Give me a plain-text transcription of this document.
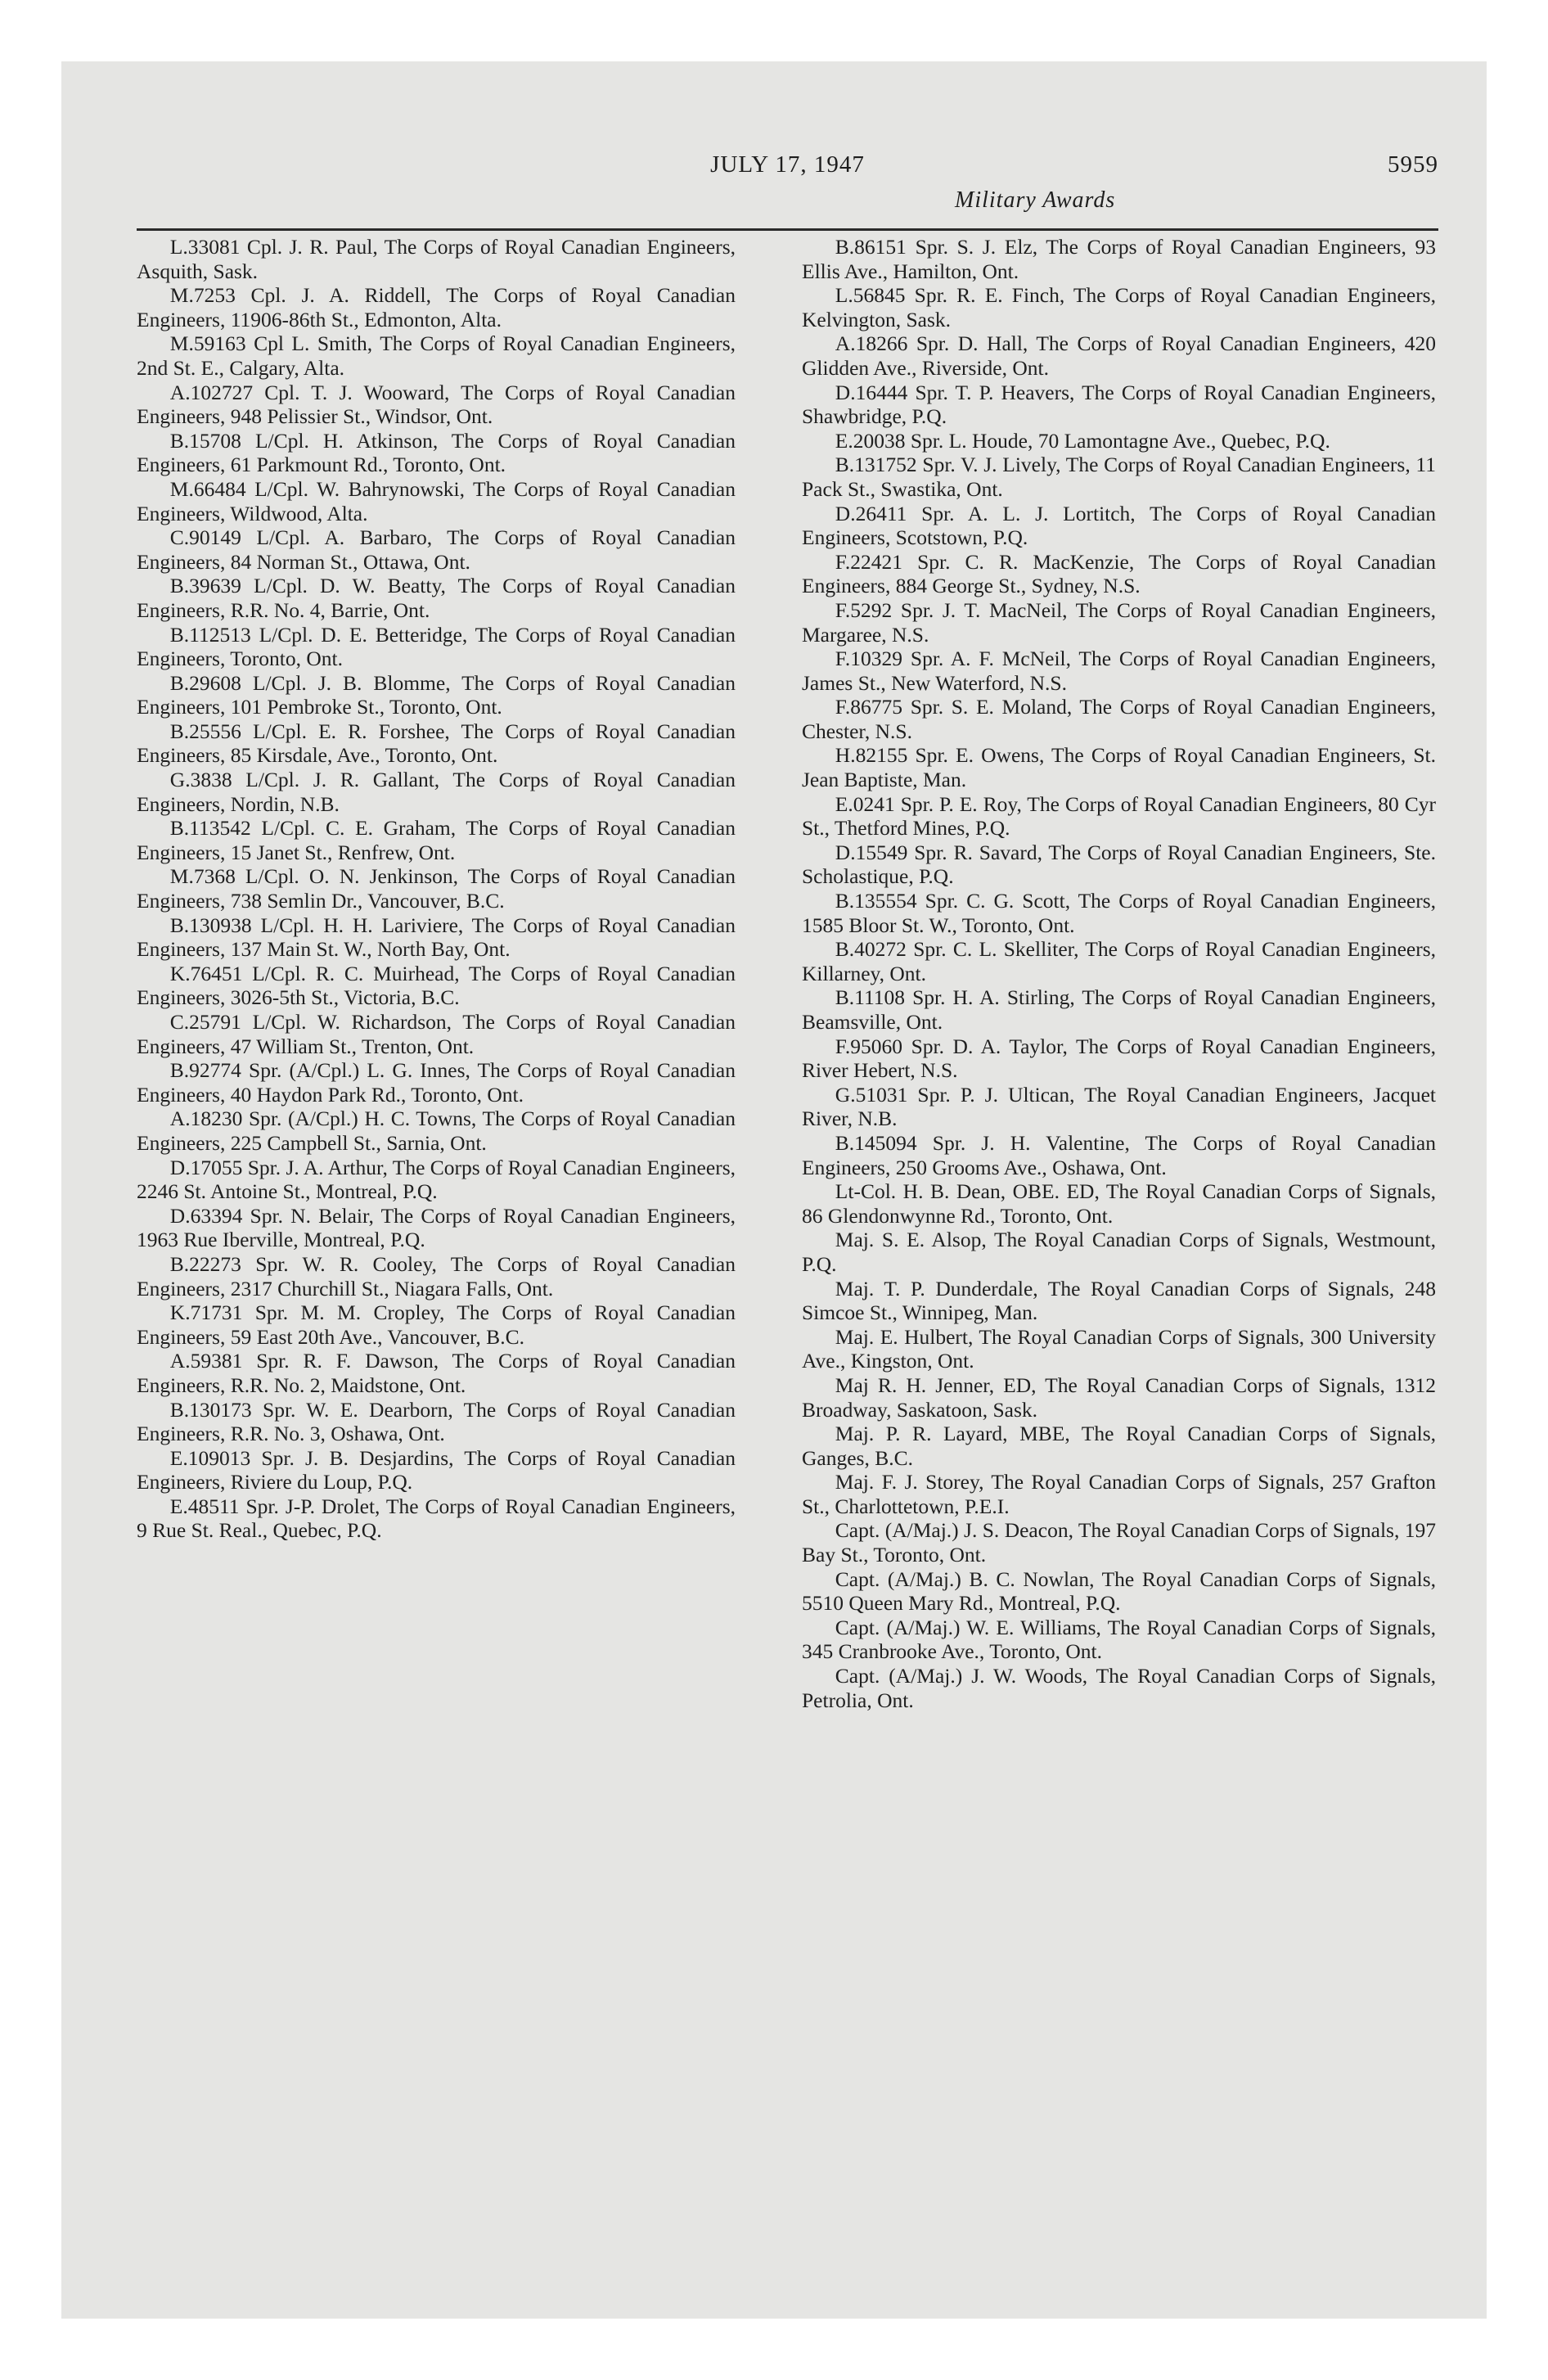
JULY 17, 1947	5959
Military Awards

L.33081 Cpl. J. R. Paul, The Corps of Royal Canadian Engineers, Asquith, Sask.

M.7253 Cpl. J. A. Riddell, The Corps of Royal Canadian Engineers, 11906-86th St., Edmonton, Alta.

M.59163 Cpl L. Smith, The Corps of Royal Canadian Engineers, 2nd St. E., Calgary, Alta.

A.102727 Cpl. T. J. Wooward, The Corps of Royal Canadian Engineers, 948 Pelissier St., Windsor, Ont.

B.15708 L/Cpl. H. Atkinson, The Corps of Royal Canadian Engineers, 61 Parkmount Rd., Toronto, Ont.

M.66484 L/Cpl. W. Bahrynowski, The Corps of Royal Canadian Engineers, Wildwood, Alta.

C.90149 L/Cpl. A. Barbaro, The Corps of Royal Canadian Engineers, 84 Norman St., Ottawa, Ont.

B.39639 L/Cpl. D. W. Beatty, The Corps of Royal Canadian Engineers, R.R. No. 4, Barrie, Ont.

B.112513 L/Cpl. D. E. Betteridge, The Corps of Royal Canadian Engineers, Toronto, Ont.

B.29608 L/Cpl. J. B. Blomme, The Corps of Royal Canadian Engineers, 101 Pembroke St., Toronto, Ont.

B.25556 L/Cpl. E. R. Forshee, The Corps of Royal Canadian Engineers, 85 Kirsdale, Ave., Toronto, Ont.

G.3838 L/Cpl. J. R. Gallant, The Corps of Royal Canadian Engineers, Nordin, N.B.

B.113542 L/Cpl. C. E. Graham, The Corps of Royal Canadian Engineers, 15 Janet St., Renfrew, Ont.

M.7368 L/Cpl. O. N. Jenkinson, The Corps of Royal Canadian Engineers, 738 Semlin Dr., Vancouver, B.C.

B.130938 L/Cpl. H. H. Lariviere, The Corps of Royal Canadian Engineers, 137 Main St. W., North Bay, Ont.

K.76451 L/Cpl. R. C. Muirhead, The Corps of Royal Canadian Engineers, 3026-5th St., Victoria, B.C.

C.25791 L/Cpl. W. Richardson, The Corps of Royal Canadian Engineers, 47 William St., Trenton, Ont.

B.92774 Spr. (A/Cpl.) L. G. Innes, The Corps of Royal Canadian Engineers, 40 Haydon Park Rd., Toronto, Ont.

A.18230 Spr. (A/Cpl.) H. C. Towns, The Corps of Royal Canadian Engineers, 225 Campbell St., Sarnia, Ont.

D.17055 Spr. J. A. Arthur, The Corps of Royal Canadian Engineers, 2246 St. Antoine St., Montreal, P.Q.

D.63394 Spr. N. Belair, The Corps of Royal Canadian Engineers, 1963 Rue Iberville, Montreal, P.Q.

B.22273 Spr. W. R. Cooley, The Corps of Royal Canadian Engineers, 2317 Churchill St., Niagara Falls, Ont.

K.71731 Spr. M. M. Cropley, The Corps of Royal Canadian Engineers, 59 East 20th Ave., Vancouver, B.C.

A.59381 Spr. R. F. Dawson, The Corps of Royal Canadian Engineers, R.R. No. 2, Maidstone, Ont.

B.130173 Spr. W. E. Dearborn, The Corps of Royal Canadian Engineers, R.R. No. 3, Oshawa, Ont.

E.109013 Spr. J. B. Desjardins, The Corps of Royal Canadian Engineers, Riviere du Loup, P.Q.

E.48511 Spr. J-P. Drolet, The Corps of Royal Canadian Engineers, 9 Rue St. Real., Quebec, P.Q.

B.86151 Spr. S. J. Elz, The Corps of Royal Canadian Engineers, 93 Ellis Ave., Hamilton, Ont.

L.56845 Spr. R. E. Finch, The Corps of Royal Canadian Engineers, Kelvington, Sask.

A.18266 Spr. D. Hall, The Corps of Royal Canadian Engineers, 420 Glidden Ave., Riverside, Ont.

D.16444 Spr. T. P. Heavers, The Corps of Royal Canadian Engineers, Shawbridge, P.Q.

E.20038 Spr. L. Houde, 70 Lamontagne Ave., Quebec, P.Q.

B.131752 Spr. V. J. Lively, The Corps of Royal Canadian Engineers, 11 Pack St., Swastika, Ont.

D.26411 Spr. A. L. J. Lortitch, The Corps of Royal Canadian Engineers, Scotstown, P.Q.

F.22421 Spr. C. R. MacKenzie, The Corps of Royal Canadian Engineers, 884 George St., Sydney, N.S.

F.5292 Spr. J. T. MacNeil, The Corps of Royal Canadian Engineers, Margaree, N.S.

F.10329 Spr. A. F. McNeil, The Corps of Royal Canadian Engineers, James St., New Waterford, N.S.

F.86775 Spr. S. E. Moland, The Corps of Royal Canadian Engineers, Chester, N.S.

H.82155 Spr. E. Owens, The Corps of Royal Canadian Engineers, St. Jean Baptiste, Man.

E.0241 Spr. P. E. Roy, The Corps of Royal Canadian Engineers, 80 Cyr St., Thetford Mines, P.Q.

D.15549 Spr. R. Savard, The Corps of Royal Canadian Engineers, Ste. Scholastique, P.Q.

B.135554 Spr. C. G. Scott, The Corps of Royal Canadian Engineers, 1585 Bloor St. W., Toronto, Ont.

B.40272 Spr. C. L. Skelliter, The Corps of Royal Canadian Engineers, Killarney, Ont.

B.11108 Spr. H. A. Stirling, The Corps of Royal Canadian Engineers, Beamsville, Ont.

F.95060 Spr. D. A. Taylor, The Corps of Royal Canadian Engineers, River Hebert, N.S.

G.51031 Spr. P. J. Ultican, The Royal Canadian Engineers, Jacquet River, N.B.

B.145094 Spr. J. H. Valentine, The Corps of Royal Canadian Engineers, 250 Grooms Ave., Oshawa, Ont.

Lt-Col. H. B. Dean, OBE. ED, The Royal Canadian Corps of Signals, 86 Glendonwynne Rd., Toronto, Ont.

Maj. S. E. Alsop, The Royal Canadian Corps of Signals, Westmount, P.Q.

Maj. T. P. Dunderdale, The Royal Canadian Corps of Signals, 248 Simcoe St., Winnipeg, Man.

Maj. E. Hulbert, The Royal Canadian Corps of Signals, 300 University Ave., Kingston, Ont.

Maj R. H. Jenner, ED, The Royal Canadian Corps of Signals, 1312 Broadway, Saskatoon, Sask.

Maj. P. R. Layard, MBE, The Royal Canadian Corps of Signals, Ganges, B.C.

Maj. F. J. Storey, The Royal Canadian Corps of Signals, 257 Grafton St., Charlottetown, P.E.I.

Capt. (A/Maj.) J. S. Deacon, The Royal Canadian Corps of Signals, 197 Bay St., Toronto, Ont.

Capt. (A/Maj.) B. C. Nowlan, The Royal Canadian Corps of Signals, 5510 Queen Mary Rd., Montreal, P.Q.

Capt. (A/Maj.) W. E. Williams, The Royal Canadian Corps of Signals, 345 Cranbrooke Ave., Toronto, Ont.

Capt. (A/Maj.) J. W. Woods, The Royal Canadian Corps of Signals, Petrolia, Ont.
